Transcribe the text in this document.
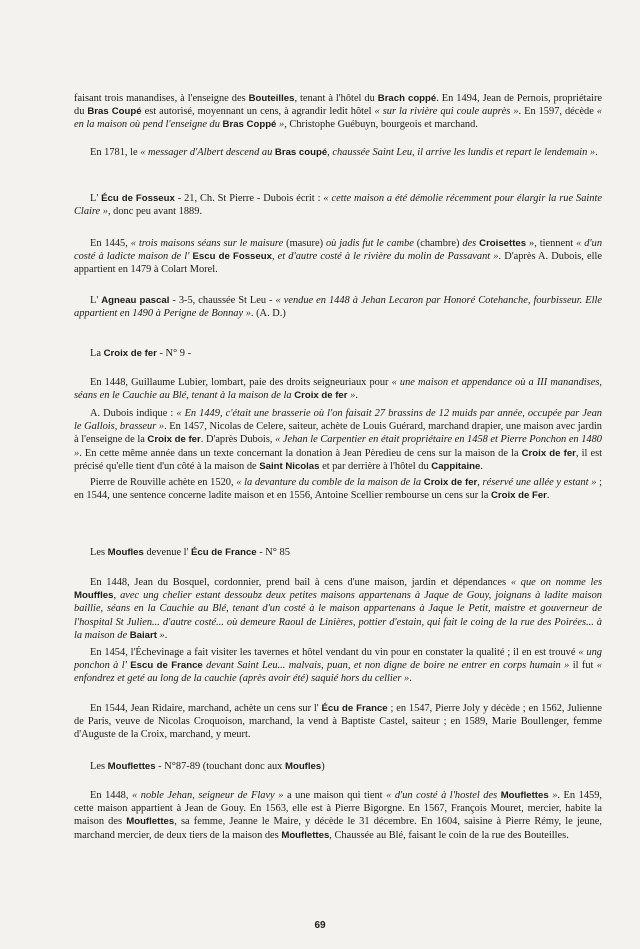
faisant trois manandises, à l'enseigne des Bouteilles, tenant à l'hôtel du Brach coppé. En 1494, Jean de Pernois, propriétaire du Bras Coupé est autorisé, moyennant un cens, à agrandir ledit hôtel « sur la rivière qui coule auprès ». En 1597, décède « en la maison où pend l'enseigne du Bras Coppé », Christophe Guébuyn, bourgeois et marchand.

En 1781, le « messager d'Albert descend au Bras coupé, chaussée Saint Leu, il arrive les lundis et repart le lendemain ».

L' Écu de Fosseux - 21, Ch. St Pierre - Dubois écrit : « cette maison a été démolie récemment pour élargir la rue Sainte Claire », donc peu avant 1889.

En 1445, « trois maisons séans sur le maisure (masure) où jadis fut le cambe (chambre) des Croisettes », tiennent « d'un costé à ladicte maison de l' Escu de Fosseux, et d'autre costé à le rivière du molin de Passavant ». D'après A. Dubois, elle appartient en 1479 à Colart Morel.

L' Agneau pascal - 3-5, chaussée St Leu - « vendue en 1448 à Jehan Lecaron par Honoré Cotehanche, fourbisseur. Elle appartient en 1490 à Perigne de Bonnay ». (A. D.)

La Croix de fer - N° 9 -

En 1448, Guillaume Lubier, lombart, paie des droits seigneuriaux pour « une maison et appendance où a III manandises, séans en le Cauchie au Blé, tenant à la maison de la Croix de fer ».

A. Dubois indique : « En 1449, c'était une brasserie où l'on faisait 27 brassins de 12 muids par année, occupée par Jean le Gallois, brasseur ». En 1457, Nicolas de Celere, saiteur, achète de Louis Guérard, marchand drapier, une maison avec jardin à l'enseigne de la Croix de fer. D'après Dubois, « Jehan le Carpentier en était propriétaire en 1458 et Pierre Ponchon en 1480 ». En cette même année dans un texte concernant la donation à Jean Pèredieu de cens sur la maison de la Croix de fer, il est précisé qu'elle tient d'un côté à la maison de Saint Nicolas et par derrière à l'hôtel du Cappitaine.

Pierre de Rouville achète en 1520, « la devanture du comble de la maison de la Croix de fer, réservé une allée y estant » ; en 1544, une sentence concerne ladite maison et en 1556, Antoine Scellier rembourse un cens sur la Croix de Fer.

Les Moufles devenue l' Écu de France - N° 85

En 1448, Jean du Bosquel, cordonnier, prend bail à cens d'une maison, jardin et dépendances « que on nomme les Mouffles, avec ung chelier estant dessoubz deux petites maisons appartenans à Jaque de Gouy, joignans à ladite maison baillie, séans en la Cauchie au Blé, tenant d'un costé à le maison appartenans à Jaque le Petit, maistre et gouverneur de l'hospital St Julien... d'autre costé... où demeure Raoul de Linières, pottier d'estain, qui fait le coing de la rue des Poirées... à la maison de Baiart ».

En 1454, l'Échevinage a fait visiter les tavernes et hôtel vendant du vin pour en constater la qualité ; il en est trouvé « ung ponchon à l' Escu de France devant Saint Leu... malvais, puan, et non digne de boire ne entrer en corps humain » il fut « enfondrez et geté au long de la cauchie (après avoir été) saquié hors du cellier ».

En 1544, Jean Ridaire, marchand, achète un cens sur l' Écu de France ; en 1547, Pierre Joly y décède ; en 1562, Julienne de Paris, veuve de Nicolas Croquoison, marchand, la vend à Baptiste Castel, saiteur ; en 1589, Marie Boullenger, femme d'Auguste de la Croix, marchand, y meurt.

Les Mouflettes - N°87-89 (touchant donc aux Moufles)

En 1448, « noble Jehan, seigneur de Flavy » a une maison qui tient « d'un costé à l'hostel des Mouflettes ». En 1459, cette maison appartient à Jean de Gouy. En 1563, elle est à Pierre Bigorgne. En 1567, François Mouret, mercier, habite la maison des Mouflettes, sa femme, Jeanne le Maire, y décède le 31 décembre. En 1604, saisine à Pierre Rémy, le jeune, marchand mercier, de deux tiers de la maison des Mouflettes, Chaussée au Blé, faisant le coin de la rue des Bouteilles.

69
